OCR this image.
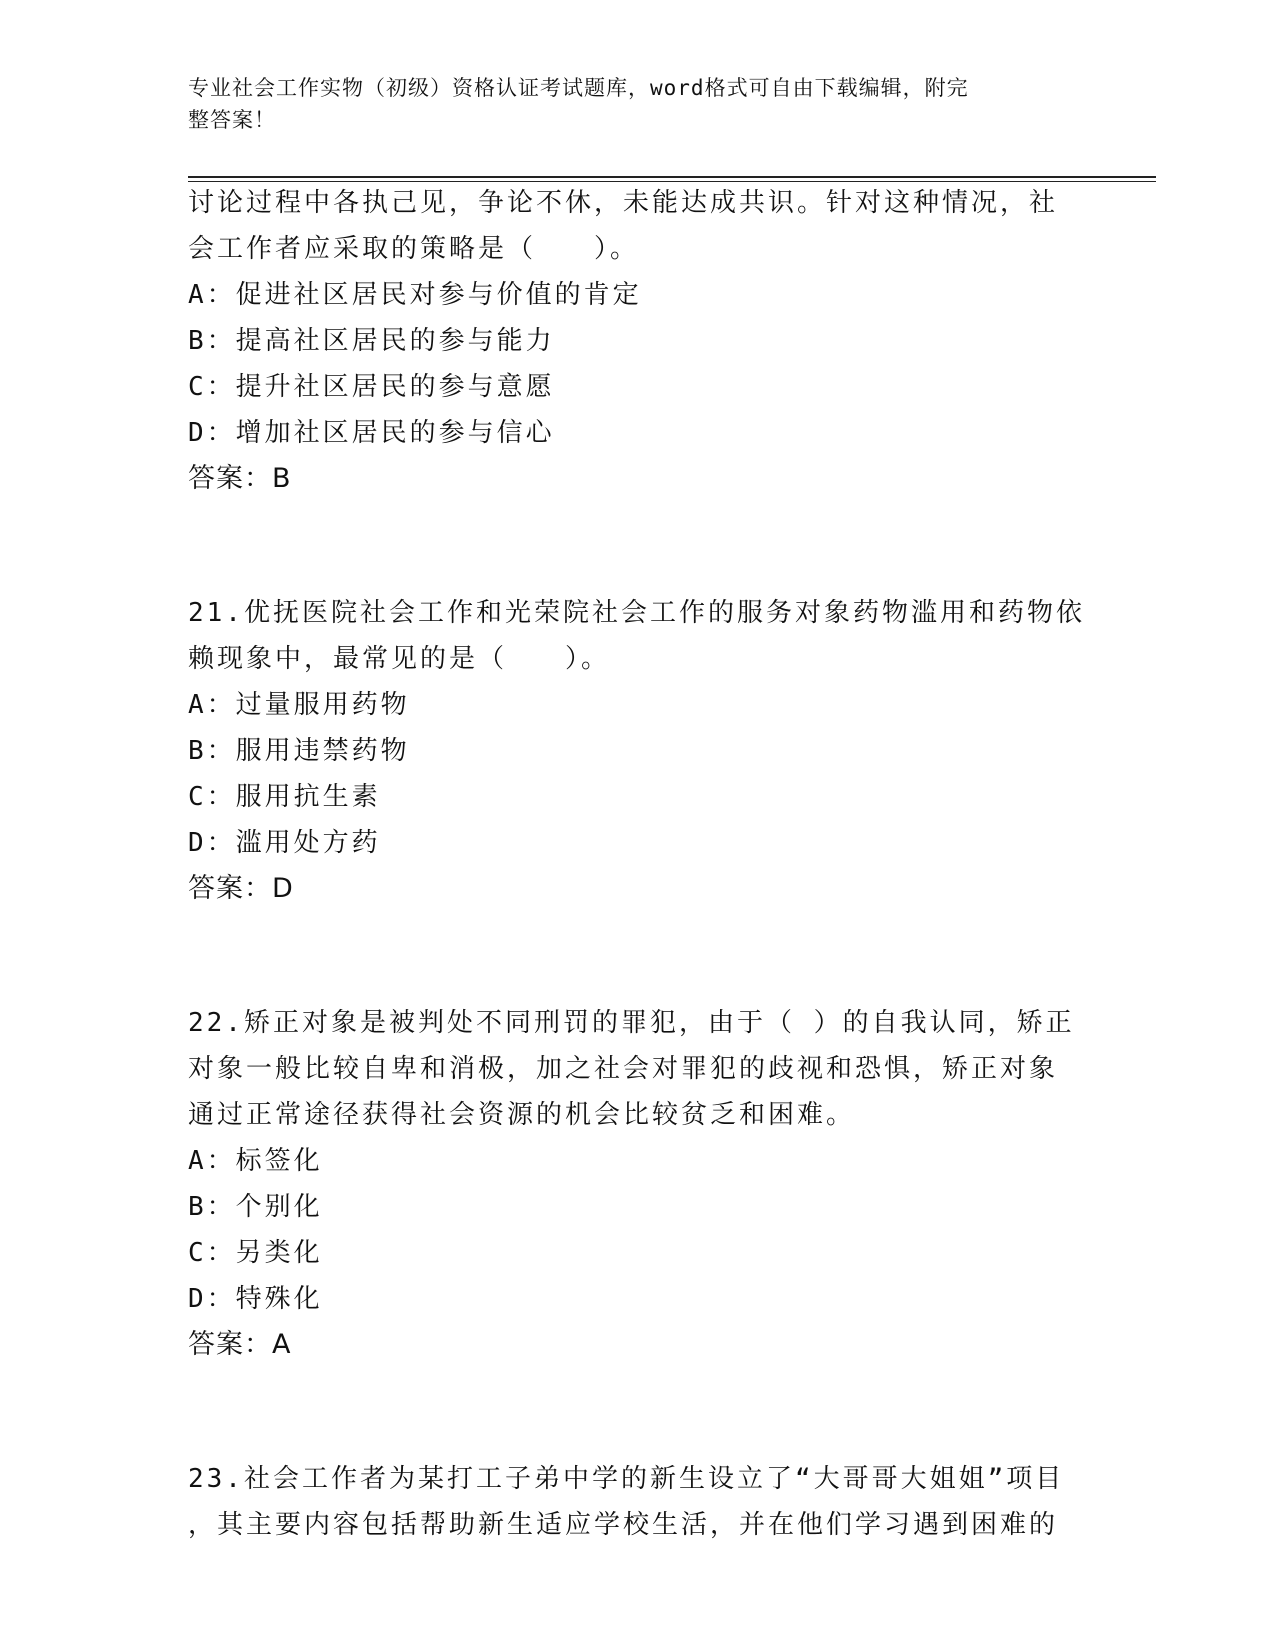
专业社会工作实物（初级）资格认证考试题库，word格式可自由下载编辑，附完
整答案！
讨论过程中各执己见，争论不休，未能达成共识。针对这种情况，社
会工作者应采取的策略是（　　）。
A：促进社区居民对参与价值的肯定
B：提高社区居民的参与能力
C：提升社区居民的参与意愿
D：增加社区居民的参与信心
答案：B
21.优抚医院社会工作和光荣院社会工作的服务对象药物滥用和药物依
赖现象中，最常见的是（　　）。
A：过量服用药物
B：服用违禁药物
C：服用抗生素
D：滥用处方药
答案：D
22.矫正对象是被判处不同刑罚的罪犯，由于（ ）的自我认同，矫正
对象一般比较自卑和消极，加之社会对罪犯的歧视和恐惧，矫正对象
通过正常途径获得社会资源的机会比较贫乏和困难。
A：标签化
B：个别化
C：另类化
D：特殊化
答案：A
23.社会工作者为某打工子弟中学的新生设立了“大哥哥大姐姐”项目
，其主要内容包括帮助新生适应学校生活，并在他们学习遇到困难的
